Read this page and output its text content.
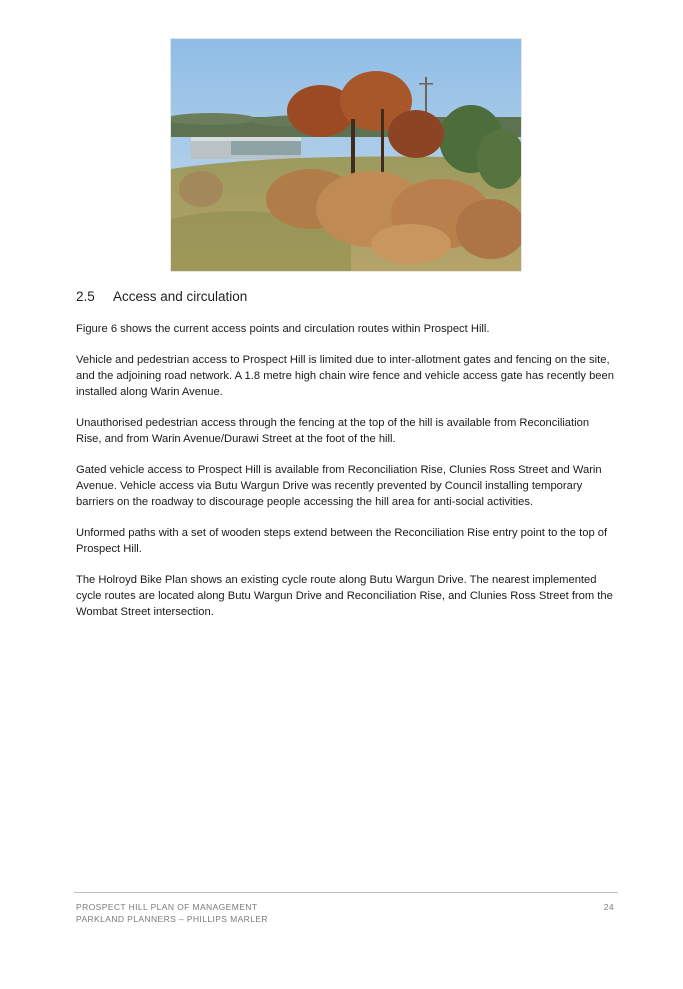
2.5 Access and circulation

Figure 6 shows the current access points and circulation routes within Prospect Hill.

Vehicle and pedestrian access to Prospect Hill is limited due to inter-allotment gates and fencing on the site, and the adjoining road network. A 1.8 metre high chain wire fence and vehicle access gate has recently been installed along Warin Avenue.

Unauthorised pedestrian access through the fencing at the top of the hill is available from Reconciliation Rise, and from Warin Avenue/Durawi Street at the foot of the hill.

Gated vehicle access to Prospect Hill is available from Reconciliation Rise, Clunies Ross Street and Warin Avenue. Vehicle access via Butu Wargun Drive was recently prevented by Council installing temporary barriers on the roadway to discourage people accessing the hill area for anti-social activities.

Unformed paths with a set of wooden steps extend between the Reconciliation Rise entry point to the top of Prospect Hill.

The Holroyd Bike Plan shows an existing cycle route along Butu Wargun Drive. The nearest implemented cycle routes are located along Butu Wargun Drive and Reconciliation Rise, and Clunies Ross Street from the Wombat Street intersection.

PROSPECT HILL PLAN OF MANAGEMENT
PARKLAND PLANNERS – PHILLIPS MARLER
24
